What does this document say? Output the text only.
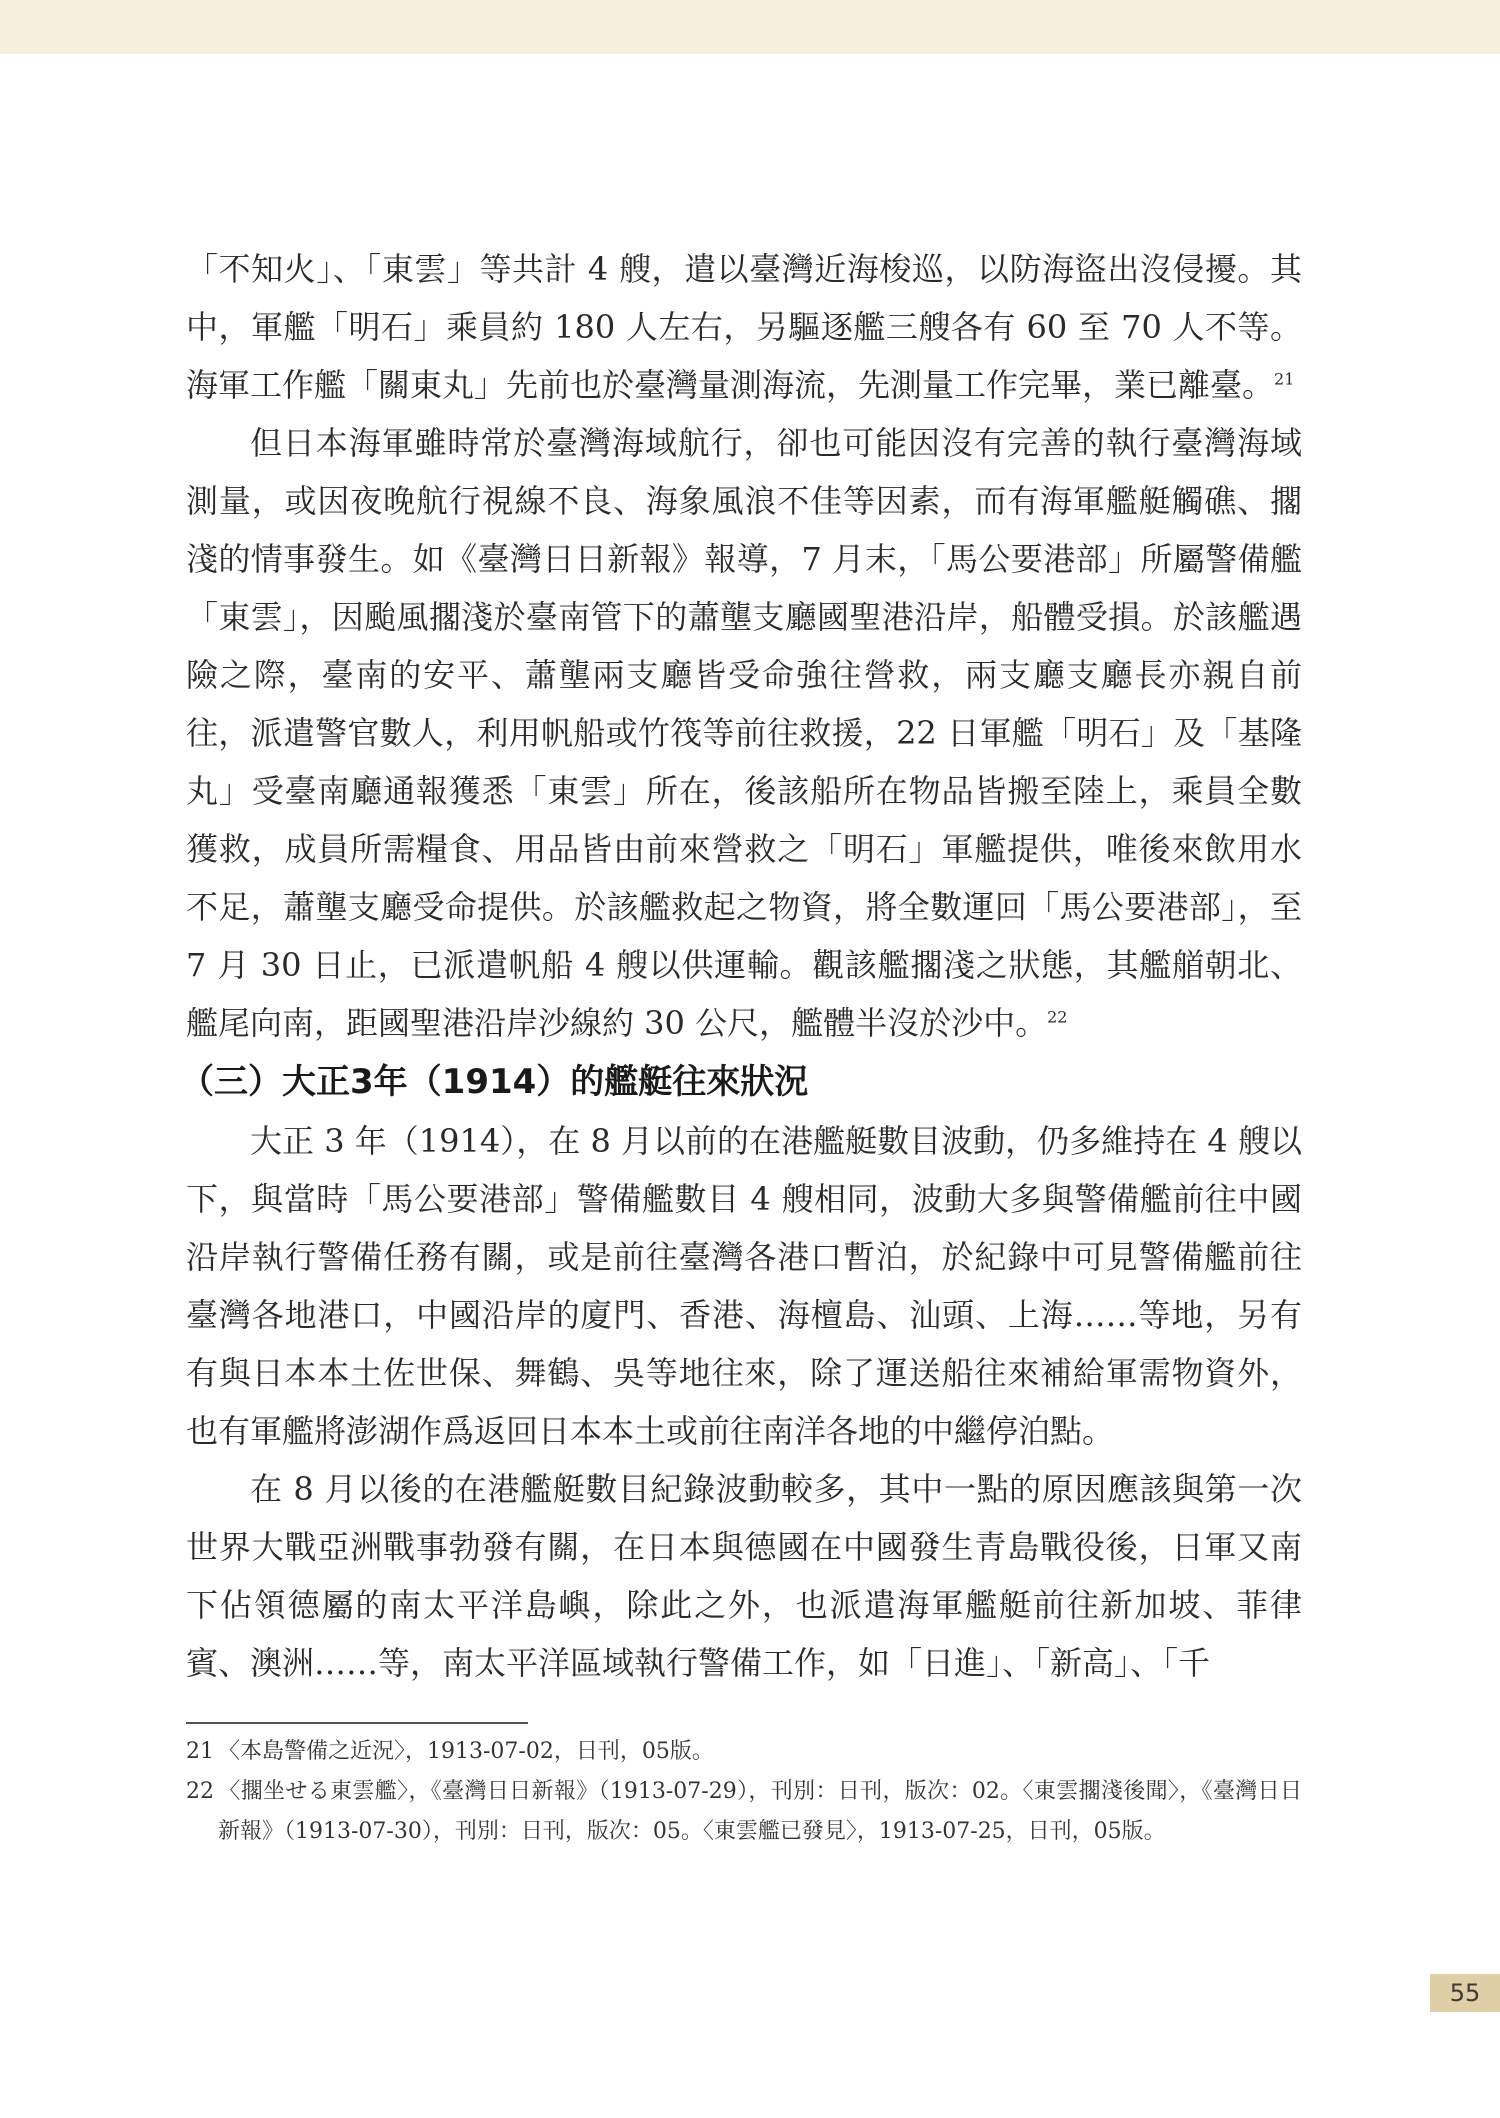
「不知火」、「東雲」等共計 4 艘，遣以臺灣近海梭巡，以防海盜出沒侵擾。其中，軍艦「明石」乘員約 180 人左右，另驅逐艦三艘各有 60 至 70 人不等。海軍工作艦「關東丸」先前也於臺灣量測海流，先測量工作完畢，業已離臺。$^{21}$

但日本海軍雖時常於臺灣海域航行，卻也可能因沒有完善的執行臺灣海域測量，或因夜晚航行視線不良、海象風浪不佳等因素，而有海軍艦艇觸礁、擱淺的情事發生。如《臺灣日日新報》報導，7 月末，「馬公要港部」所屬警備艦「東雲」，因颱風擱淺於臺南管下的蕭壟支廳國聖港沿岸，船體受損。於該艦遇險之際，臺南的安平、蕭壟兩支廳皆受命強往營救，兩支廳支廳長亦親自前往，派遣警官數人，利用帆船或竹筏等前往救援，22 日軍艦「明石」及「基隆丸」受臺南廳通報獲悉「東雲」所在，後該船所在物品皆搬至陸上，乘員全數獲救，成員所需糧食、用品皆由前來營救之「明石」軍艦提供，唯後來飲用水不足，蕭壟支廳受命提供。於該艦救起之物資，將全數運回「馬公要港部」，至 7 月 30 日止，已派遣帆船 4 艘以供運輸。觀該艦擱淺之狀態，其艦艏朝北、艦尾向南，距國聖港沿岸沙線約 30 公尺，艦體半沒於沙中。$^{22}$

（三）大正3年（1914）的艦艇往來狀況

大正 3 年（1914），在 8 月以前的在港艦艇數目波動，仍多維持在 4 艘以下，與當時「馬公要港部」警備艦數目 4 艘相同，波動大多與警備艦前往中國沿岸執行警備任務有關，或是前往臺灣各港口暫泊，於紀錄中可見警備艦前往臺灣各地港口，中國沿岸的廈門、香港、海檀島、汕頭、上海……等地，另有有與日本本土佐世保、舞鶴、吳等地往來，除了運送船往來補給軍需物資外，也有軍艦將澎湖作爲返回日本本土或前往南洋各地的中繼停泊點。

在 8 月以後的在港艦艇數目紀錄波動較多，其中一點的原因應該與第一次世界大戰亞洲戰事勃發有關，在日本與德國在中國發生青島戰役後，日軍又南下佔領德屬的南太平洋島嶼，除此之外，也派遣海軍艦艇前往新加坡、菲律賓、澳洲……等，南太平洋區域執行警備工作，如「日進」、「新高」、「千

21 〈本島警備之近況〉，1913-07-02，日刊，05版。

22 〈擱坐せる東雲艦〉，《臺灣日日新報》（1913-07-29），刊別：日刊，版次：02。〈東雲擱淺後聞〉，《臺灣日日新報》（1913-07-30），刊別：日刊，版次：05。〈東雲艦已發見〉，1913-07-25，日刊，05版。

55
